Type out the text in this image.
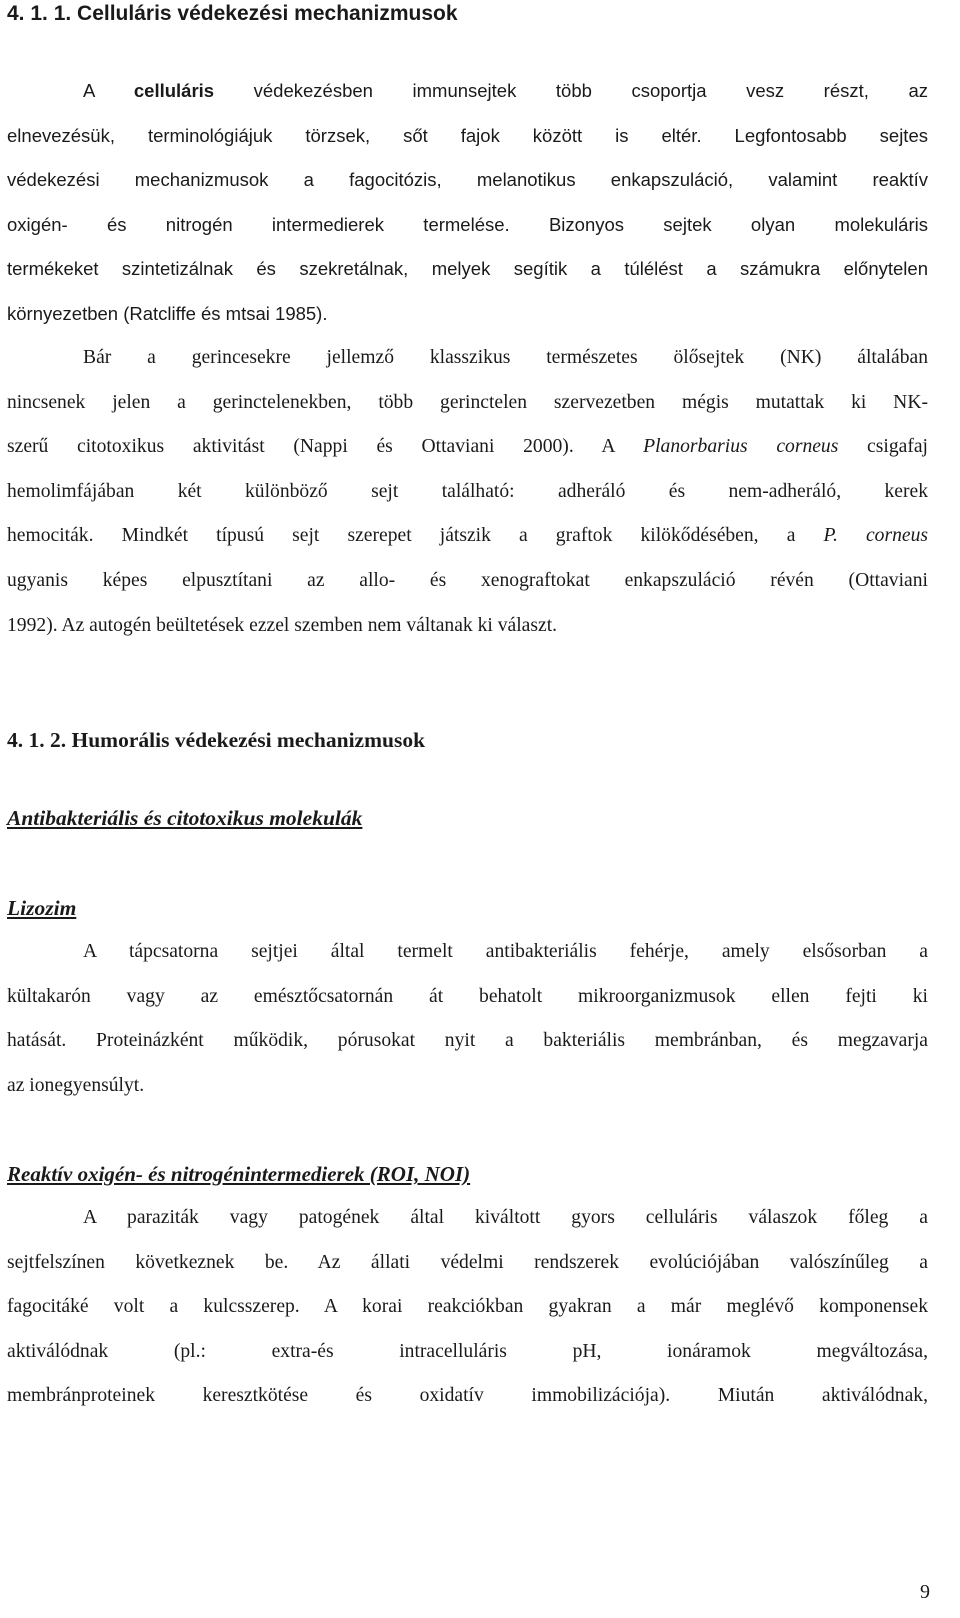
4. 1. 1. Celluláris védekezési mechanizmusok
A celluláris védekezésben immunsejtek több csoportja vesz részt, az
elnevezésük, terminológiájuk törzsek, sőt fajok között is eltér. Legfontosabb sejtes
védekezési mechanizmusok a fagocitózis, melanotikus enkapszuláció, valamint reaktív
oxigén- és nitrogén intermedierek termelése. Bizonyos sejtek olyan molekuláris
termékeket szintetizálnak és szekretálnak, melyek segítik a túlélést a számukra előnytelen
környezetben (Ratcliffe és mtsai 1985).
Bár a gerincesekre jellemző klasszikus természetes ölősejtek (NK) általában
nincsenek jelen a gerinctelenekben, több gerinctelen szervezetben mégis mutattak ki NK-
szerű citotoxikus aktivitást (Nappi és Ottaviani 2000). A Planorbarius corneus csigafaj
hemolimfájában két különböző sejt található: adheráló és nem-adheráló, kerek
hemociták. Mindkét típusú sejt szerepet játszik a graftok kilökődésében, a P. corneus
ugyanis képes elpusztítani az allo- és xenograftokat enkapszuláció révén (Ottaviani
1992). Az autogén beültetések ezzel szemben nem váltanak ki választ.
4. 1. 2. Humorális védekezési mechanizmusok
Antibakteriális és citotoxikus molekulák
Lizozim
A tápcsatorna sejtjei által termelt antibakteriális fehérje, amely elsősorban a
kültakarón vagy az emésztőcsatornán át behatolt mikroorganizmusok ellen fejti ki
hatását. Proteinázként működik, pórusokat nyit a bakteriális membránban, és megzavarja
az ionegyensúlyt.
Reaktív oxigén- és nitrogénintermedierek (ROI, NOI)
A paraziták vagy patogének által kiváltott gyors celluláris válaszok főleg a
sejtfelszínen következnek be. Az állati védelmi rendszerek evolúciójában valószínűleg a
fagocitáké volt a kulcsszerep. A korai reakciókban gyakran a már meglévő komponensek
aktiválódnak (pl.: extra-és intracelluláris pH, ionáramok megváltozása,
membránproteinek keresztkötése és oxidatív immobilizációja). Miután aktiválódnak,
9
